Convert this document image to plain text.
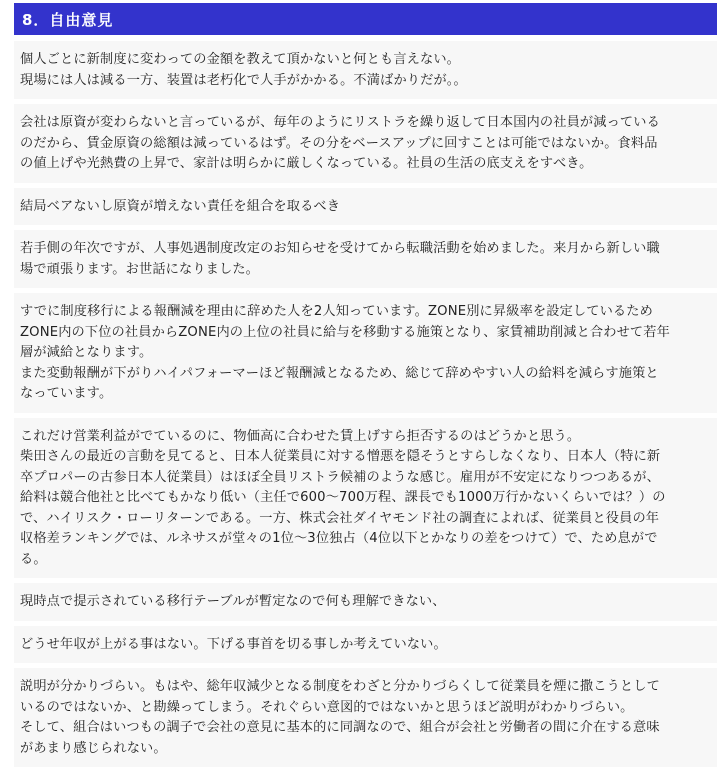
8．自由意見
個人ごとに新制度に変わっての金額を教えて頂かないと何とも言えない。
現場には人は減る一方、装置は老朽化で人手がかかる。不満ばかりだが。。
会社は原資が変わらないと言っているが、毎年のようにリストラを繰り返して日本国内の社員が減っている
のだから、賃金原資の総額は減っているはず。その分をベースアップに回すことは可能ではないか。食料品
の値上げや光熱費の上昇で、家計は明らかに厳しくなっている。社員の生活の底支えをすべき。
結局ベアないし原資が増えない責任を組合を取るべき
若手側の年次ですが、人事処遇制度改定のお知らせを受けてから転職活動を始めました。来月から新しい職
場で頑張ります。お世話になりました。
すでに制度移行による報酬減を理由に辞めた人を2人知っています。ZONE別に昇級率を設定しているため
ZONE内の下位の社員からZONE内の上位の社員に給与を移動する施策となり、家賃補助削減と合わせて若年
層が減給となります。
また変動報酬が下がりハイパフォーマーほど報酬減となるため、総じて辞めやすい人の給料を減らす施策と
なっています。
これだけ営業利益がでているのに、物価高に合わせた賃上げすら拒否するのはどうかと思う。
柴田さんの最近の言動を見てると、日本人従業員に対する憎悪を隠そうとすらしなくなり、日本人（特に新
卒プロパーの古参日本人従業員）はほぼ全員リストラ候補のような感じ。雇用が不安定になりつつあるが、
給料は競合他社と比べてもかなり低い（主任で600～700万程、課長でも1000万行かないくらいでは？）の
で、ハイリスク・ローリターンである。一方、株式会社ダイヤモンド社の調査によれば、従業員と役員の年
収格差ランキングでは、ルネサスが堂々の1位～3位独占（4位以下とかなりの差をつけて）で、ため息がで
る。
現時点で提示されている移行テーブルが暫定なので何も理解できない、
どうせ年収が上がる事はない。下げる事首を切る事しか考えていない。
説明が分かりづらい。もはや、総年収減少となる制度をわざと分かりづらくして従業員を煙に撒こうとして
いるのではないか、と勘繰ってしまう。それぐらい意図的ではないかと思うほど説明がわかりづらい。
そして、組合はいつもの調子で会社の意見に基本的に同調なので、組合が会社と労働者の間に介在する意味
があまり感じられない。
